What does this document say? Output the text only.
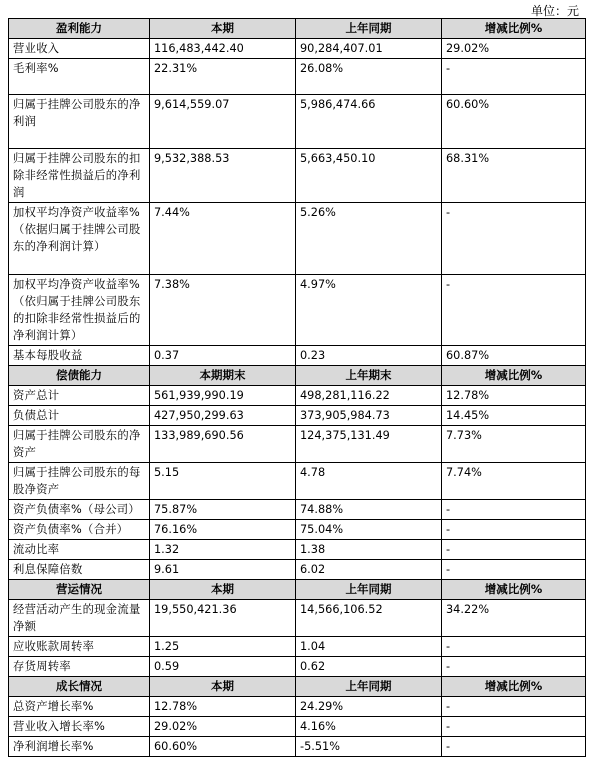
单位：元
盈利能力	本期	上年同期	增减比例%
营业收入	116,483,442.40	90,284,407.01	29.02%
毛利率%	22.31%	26.08%	-
归属于挂牌公司股东的净利润	9,614,559.07	5,986,474.66	60.60%
归属于挂牌公司股东的扣除非经常性损益后的净利润	9,532,388.53	5,663,450.10	68.31%
加权平均净资产收益率%（依据归属于挂牌公司股东的净利润计算）	7.44%	5.26%	-
加权平均净资产收益率%（依归属于挂牌公司股东的扣除非经常性损益后的净利润计算）	7.38%	4.97%	-
基本每股收益	0.37	0.23	60.87%
偿债能力	本期期末	上年期末	增减比例%
资产总计	561,939,990.19	498,281,116.22	12.78%
负债总计	427,950,299.63	373,905,984.73	14.45%
归属于挂牌公司股东的净资产	133,989,690.56	124,375,131.49	7.73%
归属于挂牌公司股东的每股净资产	5.15	4.78	7.74%
资产负债率%（母公司）	75.87%	74.88%	-
资产负债率%（合并）	76.16%	75.04%	-
流动比率	1.32	1.38	-
利息保障倍数	9.61	6.02	-
营运情况	本期	上年同期	增减比例%
经营活动产生的现金流量净额	19,550,421.36	14,566,106.52	34.22%
应收账款周转率	1.25	1.04	-
存货周转率	0.59	0.62	-
成长情况	本期	上年同期	增减比例%
总资产增长率%	12.78%	24.29%	-
营业收入增长率%	29.02%	4.16%	-
净利润增长率%	60.60%	-5.51%	-
